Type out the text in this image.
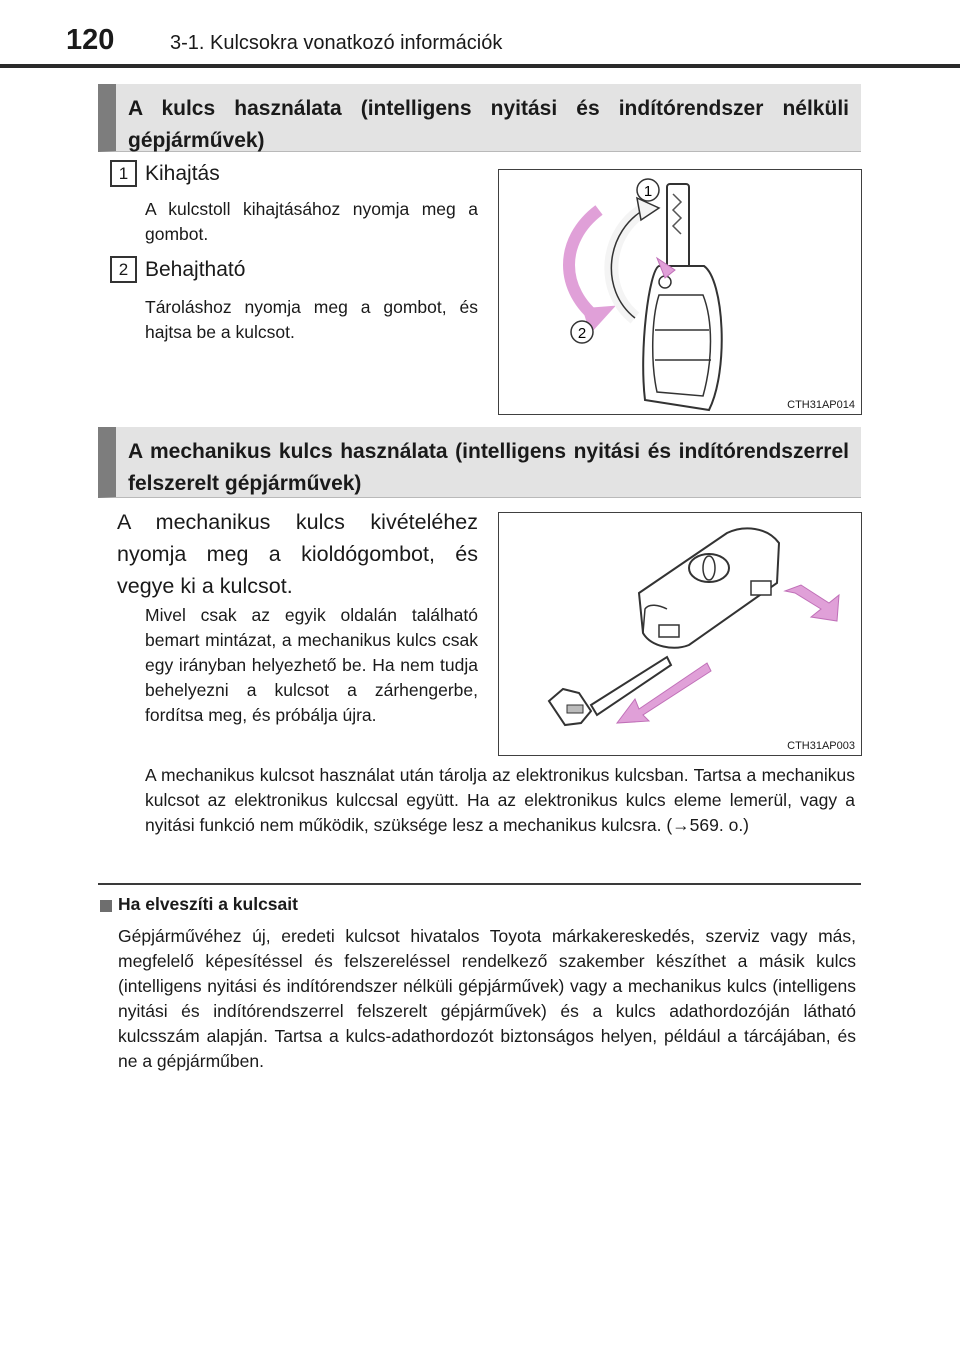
120	3-1. Kulcsokra vonatkozó információk
A kulcs használata (intelligens nyitási és indítórendszer nélküli gépjárművek)
1 Kihajtás
A kulcstoll kihajtásához nyomja meg a gombot.
2 Behajtható
Tároláshoz nyomja meg a gombot, és hajtsa be a kulcsot.
1
2
CTH31AP014
A mechanikus kulcs használata (intelligens nyitási és indítórendszerrel felszerelt gépjárművek)
A mechanikus kulcs kivételéhez nyomja meg a kioldógombot, és vegye ki a kulcsot.
Mivel csak az egyik oldalán található bemart mintázat, a mechanikus kulcs csak egy irányban helyezhető be. Ha nem tudja behelyezni a kulcsot a zárhengerbe, fordítsa meg, és próbálja újra.
CTH31AP003
A mechanikus kulcsot használat után tárolja az elektronikus kulcsban. Tartsa a mechanikus kulcsot az elektronikus kulccsal együtt. Ha az elektronikus kulcs eleme lemerül, vagy a nyitási funkció nem működik, szüksége lesz a mechanikus kulcsra. (→569. o.)
Ha elveszíti a kulcsait
Gépjárművéhez új, eredeti kulcsot hivatalos Toyota márkakereskedés, szerviz vagy más, megfelelő képesítéssel és felszereléssel rendelkező szakember készíthet a másik kulcs (intelligens nyitási és indítórendszer nélküli gépjárművek) vagy a mechanikus kulcs (intelligens nyitási és indítórendszerrel felszerelt gépjárművek) és a kulcs adathordozóján látható kulcsszám alapján. Tartsa a kulcs-adathordozót biztonságos helyen, például a tárcájában, és ne a gépjárműben.
